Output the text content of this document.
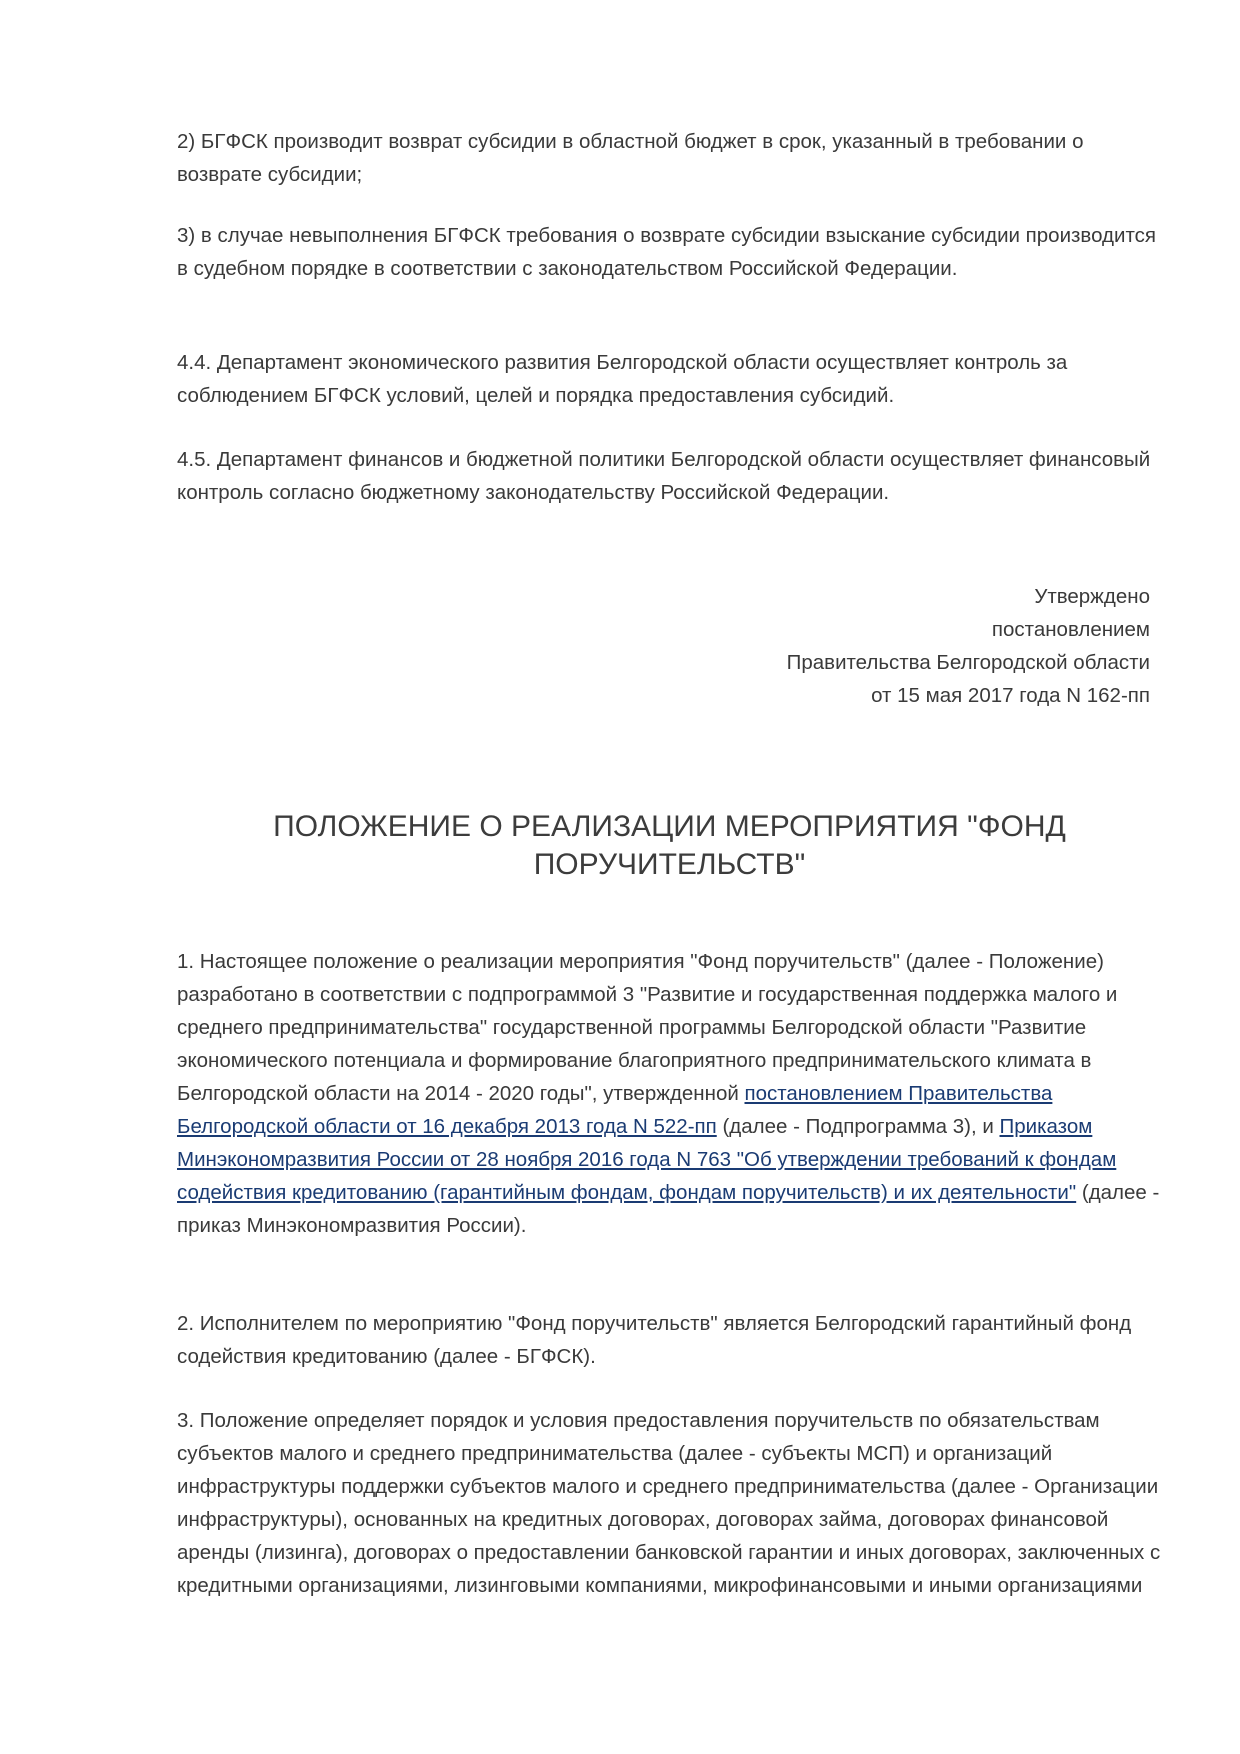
2) БГФСК производит возврат субсидии в областной бюджет в срок, указанный в требовании о возврате субсидии;

3) в случае невыполнения БГФСК требования о возврате субсидии взыскание субсидии производится в судебном порядке в соответствии с законодательством Российской Федерации.

4.4. Департамент экономического развития Белгородской области осуществляет контроль за соблюдением БГФСК условий, целей и порядка предоставления субсидий.

4.5. Департамент финансов и бюджетной политики Белгородской области осуществляет финансовый контроль согласно бюджетному законодательству Российской Федерации.

Утверждено
постановлением
Правительства Белгородской области
от 15 мая 2017 года N 162-пп
ПОЛОЖЕНИЕ О РЕАЛИЗАЦИИ МЕРОПРИЯТИЯ "ФОНД ПОРУЧИТЕЛЬСТВ"

1. Настоящее положение о реализации мероприятия "Фонд поручительств" (далее - Положение) разработано в соответствии с подпрограммой 3 "Развитие и государственная поддержка малого и среднего предпринимательства" государственной программы Белгородской области "Развитие экономического потенциала и формирование благоприятного предпринимательского климата в Белгородской области на 2014 - 2020 годы", утвержденной постановлением Правительства Белгородской области от 16 декабря 2013 года N 522-пп (далее - Подпрограмма 3), и Приказом Минэкономразвития России от 28 ноября 2016 года N 763 "Об утверждении требований к фондам содействия кредитованию (гарантийным фондам, фондам поручительств) и их деятельности" (далее - приказ Минэкономразвития России).

2. Исполнителем по мероприятию "Фонд поручительств" является Белгородский гарантийный фонд содействия кредитованию (далее - БГФСК).

3. Положение определяет порядок и условия предоставления поручительств по обязательствам субъектов малого и среднего предпринимательства (далее - субъекты МСП) и организаций инфраструктуры поддержки субъектов малого и среднего предпринимательства (далее - Организации инфраструктуры), основанных на кредитных договорах, договорах займа, договорах финансовой аренды (лизинга), договорах о предоставлении банковской гарантии и иных договорах, заключенных с кредитными организациями, лизинговыми компаниями, микрофинансовыми и иными организациями
